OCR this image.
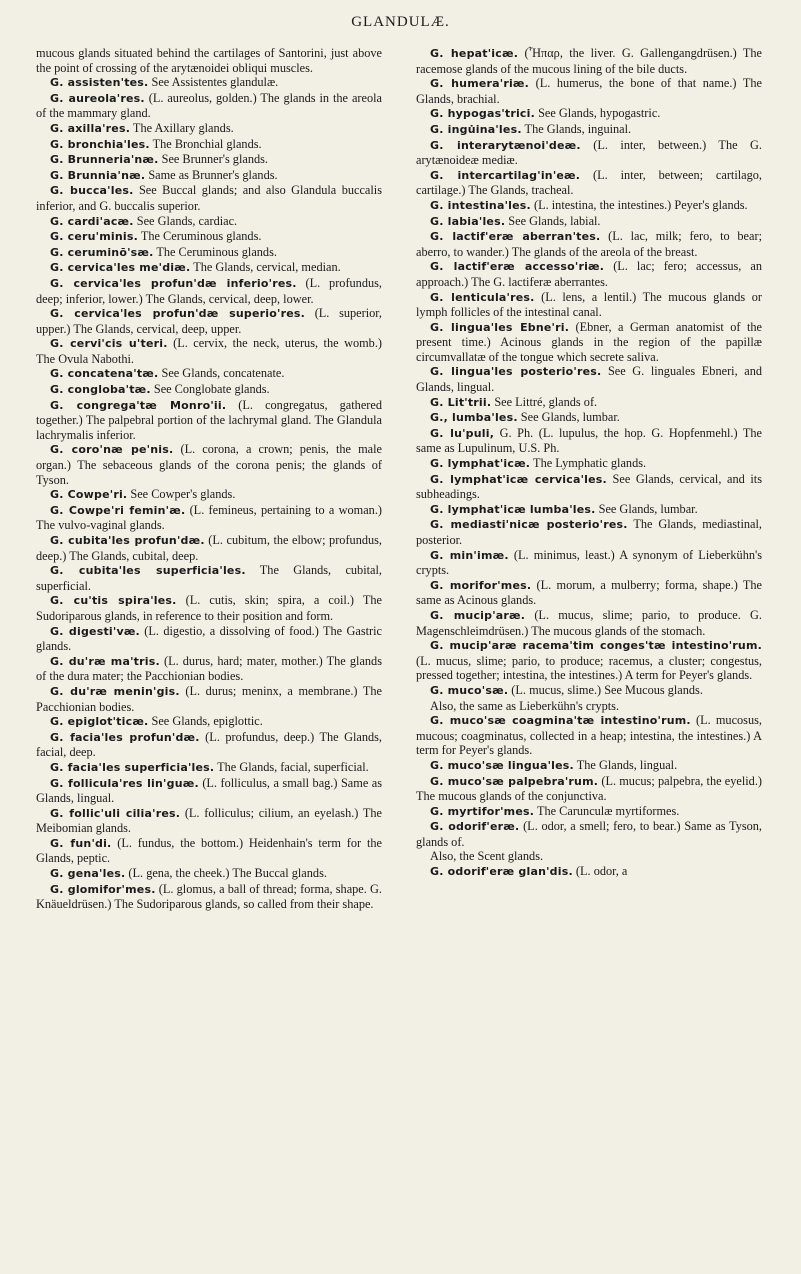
GLANDULÆ.

mucous glands situated behind the cartilages of Santorini, just above the point of crossing of the arytænoidei obliqui muscles.

G. assisten'tes. See Assistentes glandulæ.

G. aureola'res. (L. aureolus, golden.) The glands in the areola of the mammary gland.

G. axilla'res. The Axillary glands.

G. bronchia'les. The Bronchial glands.

G. Brunneria'næ. See Brunner's glands.

G. Brunnia'næ. Same as Brunner's glands.

G. bucca'les. See Buccal glands; and also Glandula buccalis inferior, and G. buccalis superior.

G. cardi'acæ. See Glands, cardiac.

G. ceru'minis. The Ceruminous glands.

G. ceruminō'sæ. The Ceruminous glands.

G. cervica'les me'diæ. The Glands, cervical, median.

G. cervica'les profun'dæ inferio'res. (L. profundus, deep; inferior, lower.) The Glands, cervical, deep, lower.

G. cervica'les profun'dæ superio'res. (L. superior, upper.) The Glands, cervical, deep, upper.

G. cervi'cis u'teri. (L. cervix, the neck, uterus, the womb.) The Ovula Nabothi.

G. concatena'tæ. See Glands, concatenate.

G. congloba'tæ. See Conglobate glands.

G. congrega'tæ Monro'ii. (L. congregatus, gathered together.) The palpebral portion of the lachrymal gland. The Glandula lachrymalis inferior.

G. coro'næ pe'nis. (L. corona, a crown; penis, the male organ.) The sebaceous glands of the corona penis; the glands of Tyson.

G. Cowpe'ri. See Cowper's glands.

G. Cowpe'ri femin'æ. (L. femineus, pertaining to a woman.) The vulvo-vaginal glands.

G. cubita'les profun'dæ. (L. cubitum, the elbow; profundus, deep.) The Glands, cubital, deep.

G. cubita'les superficia'les. The Glands, cubital, superficial.

G. cu'tis spira'les. (L. cutis, skin; spira, a coil.) The Sudoriparous glands, in reference to their position and form.

G. digesti'væ. (L. digestio, a dissolving of food.) The Gastric glands.

G. du'ræ ma'tris. (L. durus, hard; mater, mother.) The glands of the dura mater; the Pacchionian bodies.

G. du'ræ menin'gis. (L. durus; meninx, a membrane.) The Pacchionian bodies.

G. epiglot'ticæ. See Glands, epiglottic.

G. facia'les profun'dæ. (L. profundus, deep.) The Glands, facial, deep.

G. facia'les superficia'les. The Glands, facial, superficial.

G. follicula'res lin'guæ. (L. folliculus, a small bag.) Same as Glands, lingual.

G. follic'uli cilia'res. (L. folliculus; cilium, an eyelash.) The Meibomian glands.

G. fun'di. (L. fundus, the bottom.) Heidenhain's term for the Glands, peptic.

G. gena'les. (L. gena, the cheek.) The Buccal glands.

G. glomifor'mes. (L. glomus, a ball of thread; forma, shape. G. Knäueldrüsen.) The Sudoriparous glands, so called from their shape.

G. hepat'icæ. (Ἧπαρ, the liver. G. Gallengangdrüsen.) The racemose glands of the mucous lining of the bile ducts.

G. humera'riæ. (L. humerus, the bone of that name.) The Glands, brachial.

G. hypogas'trici. See Glands, hypogastric.

G. ingu̇ina'les. The Glands, inguinal.

G. interarytænoi'deæ. (L. inter, between.) The G. arytænoideæ mediæ.

G. intercartilag'in'eæ. (L. inter, between; cartilago, cartilage.) The Glands, tracheal.

G. intestina'les. (L. intestina, the intestines.) Peyer's glands.

G. labia'les. See Glands, labial.

G. lactif'eræ aberran'tes. (L. lac, milk; fero, to bear; aberro, to wander.) The glands of the areola of the breast.

G. lactif'eræ accesso'riæ. (L. lac; fero; accessus, an approach.) The G. lactiferæ aberrantes.

G. lenticula'res. (L. lens, a lentil.) The mucous glands or lymph follicles of the intestinal canal.

G. lingua'les Ebne'ri. (Ebner, a German anatomist of the present time.) Acinous glands in the region of the papillæ circumvallatæ of the tongue which secrete saliva.

G. lingua'les posterio'res. See G. linguales Ebneri, and Glands, lingual.

G. Lit'trii. See Littré, glands of.

G., lumba'les. See Glands, lumbar.

G. lu'puli, G. Ph. (L. lupulus, the hop. G. Hopfenmehl.) The same as Lupulinum, U.S. Ph.

G. lymphat'icæ. The Lymphatic glands.

G. lymphat'icæ cervica'les. See Glands, cervical, and its subheadings.

G. lymphat'icæ lumba'les. See Glands, lumbar.

G. mediasti'nicæ posterio'res. The Glands, mediastinal, posterior.

G. min'imæ. (L. minimus, least.) A synonym of Lieberkühn's crypts.

G. morifor'mes. (L. morum, a mulberry; forma, shape.) The same as Acinous glands.

G. mucip'aræ. (L. mucus, slime; pario, to produce. G. Magenschleimdrüsen.) The mucous glands of the stomach.

G. mucip'aræ racema'tim conges'tæ intestino'rum. (L. mucus, slime; pario, to produce; racemus, a cluster; congestus, pressed together; intestina, the intestines.) A term for Peyer's glands.

G. muco'sæ. (L. mucus, slime.) See Mucous glands.

Also, the same as Lieberkühn's crypts.

G. muco'sæ coagmina'tæ intestino'rum. (L. mucosus, mucous; coagminatus, collected in a heap; intestina, the intestines.) A term for Peyer's glands.

G. muco'sæ lingua'les. The Glands, lingual.

G. muco'sæ palpebra'rum. (L. mucus; palpebra, the eyelid.) The mucous glands of the conjunctiva.

G. myrtifor'mes. The Carunculæ myrtiformes.

G. odorif'eræ. (L. odor, a smell; fero, to bear.) Same as Tyson, glands of.

Also, the Scent glands.

G. odorif'eræ glan'dis. (L. odor, a
